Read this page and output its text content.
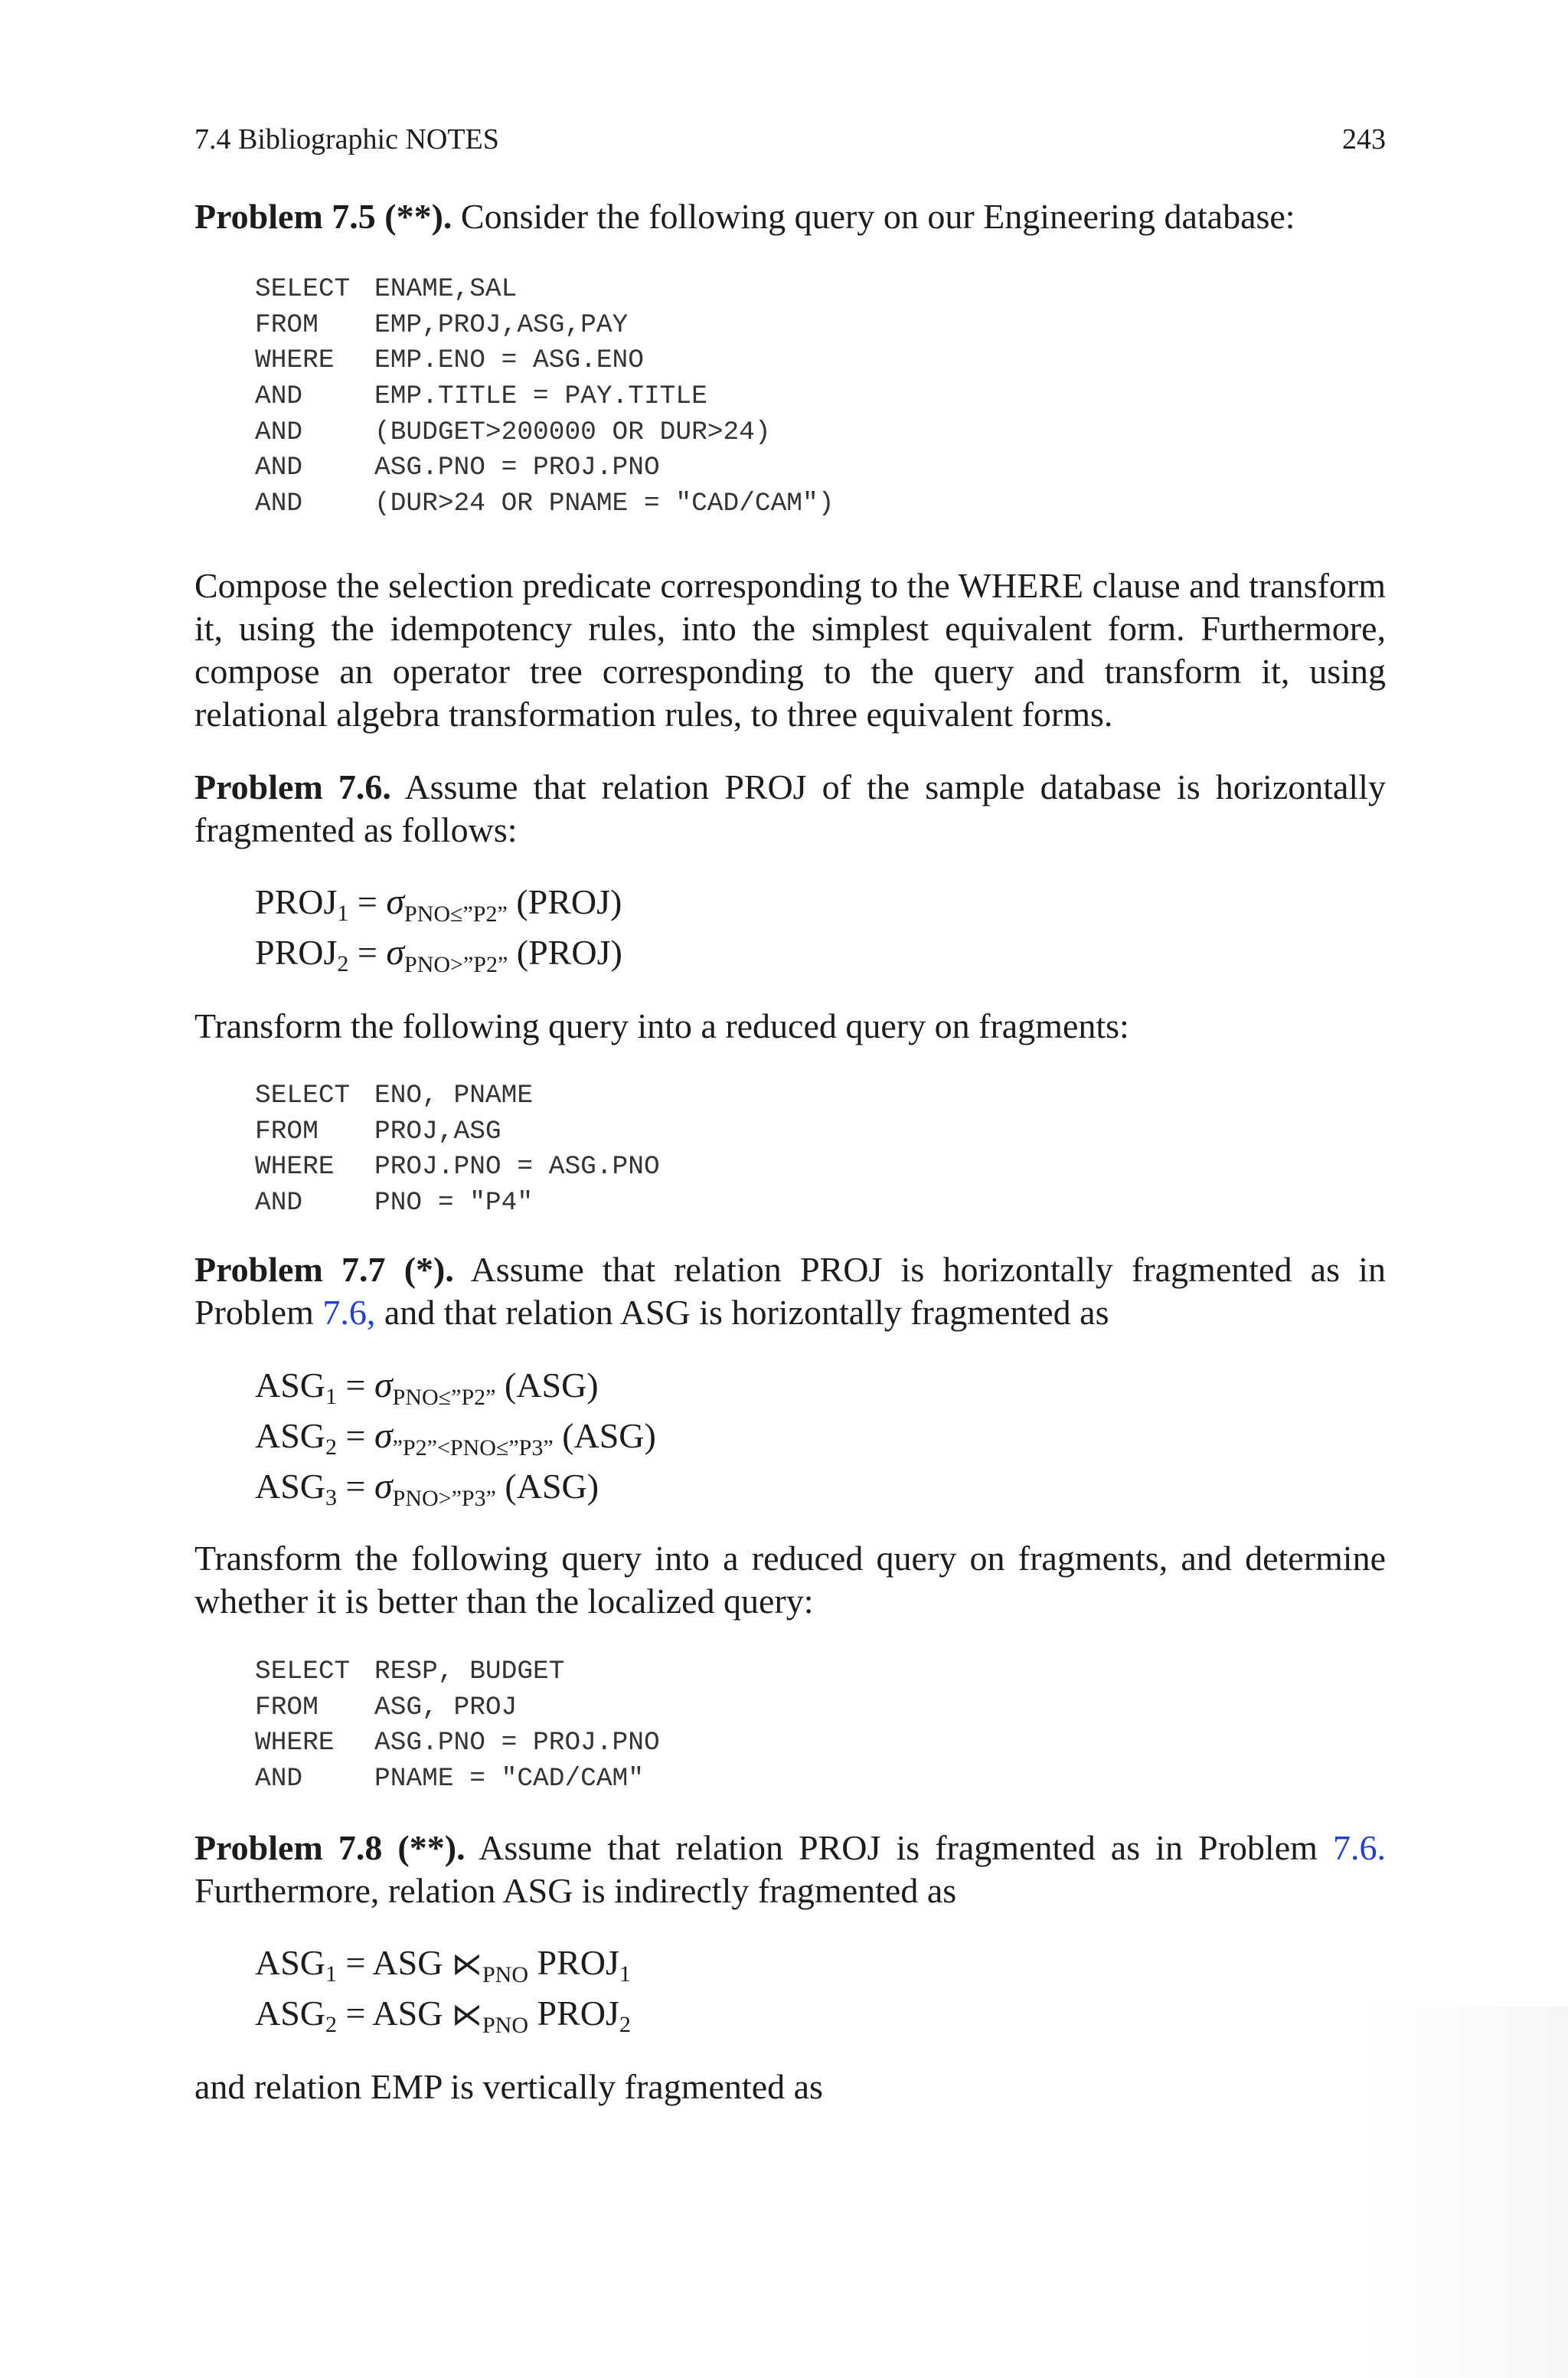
7.4 Bibliographic NOTES	243
Problem 7.5 (**). Consider the following query on our Engineering database:
SELECT ENAME,SAL
FROM EMP,PROJ,ASG,PAY
WHERE EMP.ENO = ASG.ENO
AND	EMP.TITLE = PAY.TITLE
AND	(BUDGET>200000 OR DUR>24)
AND	ASG.PNO = PROJ.PNO
AND	(DUR>24 OR PNAME = "CAD/CAM")
Compose the selection predicate corresponding to the WHERE clause and transform it, using the idempotency rules, into the simplest equivalent form. Furthermore, compose an operator tree corresponding to the query and transform it, using relational algebra transformation rules, to three equivalent forms.
Problem 7.6. Assume that relation PROJ of the sample database is horizontally fragmented as follows:
$PROJ_1 = \sigma_{PNO\le”P2”}$ (PROJ)
$PROJ_2 = \sigma_{PNO>”P2”}$ (PROJ)
Transform the following query into a reduced query on fragments:
SELECT ENO, PNAME
FROM PROJ,ASG
WHERE PROJ.PNO = ASG.PNO
AND	PNO = "P4"
Problem 7.7 (*). Assume that relation PROJ is horizontally fragmented as in Problem 7.6, and that relation ASG is horizontally fragmented as
$ASG_1 = \sigma_{PNO\le”P2”}$ (ASG)
$ASG_2 = \sigma_{”P2”<PNO\le”P3”}$ (ASG)
$ASG_3 = \sigma_{PNO>”P3”}$ (ASG)
Transform the following query into a reduced query on fragments, and determine whether it is better than the localized query:
SELECT RESP, BUDGET
FROM ASG, PROJ
WHERE ASG.PNO = PROJ.PNO
AND	PNAME = "CAD/CAM"
Problem 7.8 (**). Assume that relation PROJ is fragmented as in Problem 7.6. Furthermore, relation ASG is indirectly fragmented as
$ASG_1$ = ASG $⋉_{PNO}$ $PROJ_1$
$ASG_2$ = ASG $⋉_{PNO}$ $PROJ_2$
and relation EMP is vertically fragmented as
